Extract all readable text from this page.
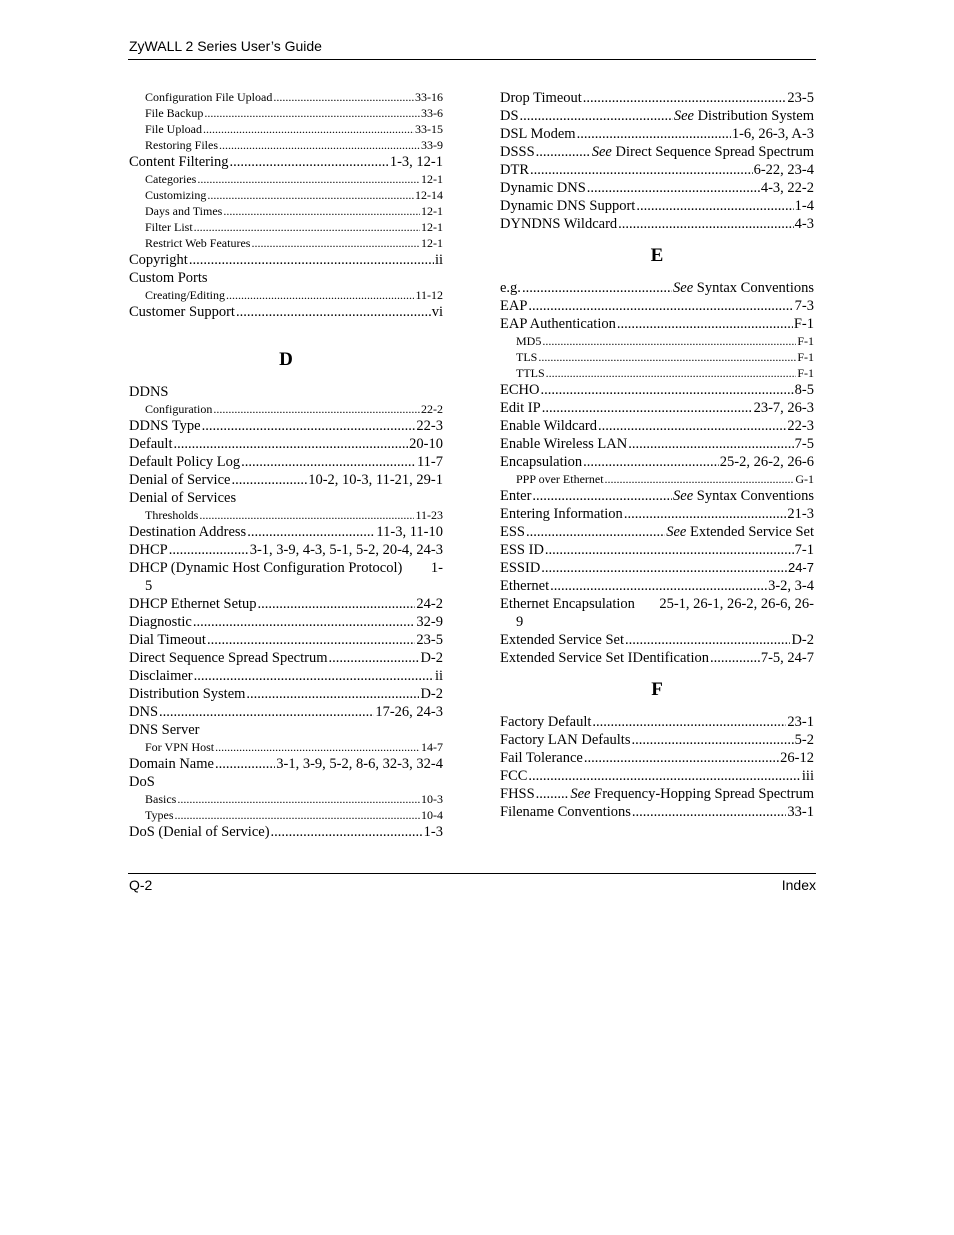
ZyWALL 2 Series User’s Guide
Configuration File Upload .....	33-16
File Backup .....	33-6
File Upload .....	33-15
Restoring Files .....	33-9
Content Filtering .....	1-3, 12-1
Categories .....	12-1
Customizing .....	12-14
Days and Times .....	12-1
Filter List .....	12-1
Restrict Web Features .....	12-1
Copyright .....	ii
Custom Ports
Creating/Editing .....	11-12
Customer Support .....	vi
D
DDNS
Configuration .....	22-2
DDNS Type .....	22-3
Default .....	20-10
Default Policy Log .....	11-7
Denial of Service .....	10-2, 10-3, 11-21, 29-1
Denial of Services
Thresholds .....	11-23
Destination Address .....	11-3, 11-10
DHCP .....	3-1, 3-9, 4-3, 5-1, 5-2, 20-4, 24-3
DHCP (Dynamic Host Configuration Protocol) 1-
5
DHCP Ethernet Setup .....	24-2
Diagnostic .....	32-9
Dial Timeout .....	23-5
Direct Sequence Spread Spectrum .....	D-2
Disclaimer .....	ii
Distribution System .....	D-2
DNS .....	17-26, 24-3
DNS Server
For VPN Host .....	14-7
Domain Name .....	3-1, 3-9, 5-2, 8-6, 32-3, 32-4
DoS
Basics .....	10-3
Types .....	10-4
DoS (Denial of Service) .....	1-3
Drop Timeout .....	23-5
DS .....	See Distribution System
DSL Modem .....	1-6, 26-3, A-3
DSSS .....	See Direct Sequence Spread Spectrum
DTR .....	6-22, 23-4
Dynamic DNS .....	4-3, 22-2
Dynamic DNS Support .....	1-4
DYNDNS Wildcard .....	4-3
E
e.g. .....	See Syntax Conventions
EAP .....	7-3
EAP Authentication .....	F-1
MD5 .....	F-1
TLS .....	F-1
TTLS .....	F-1
ECHO .....	8-5
Edit IP .....	23-7, 26-3
Enable Wildcard .....	22-3
Enable Wireless LAN .....	7-5
Encapsulation .....	25-2, 26-2, 26-6
PPP over Ethernet .....	G-1
Enter .....	See Syntax Conventions
Entering Information .....	21-3
ESS .....	See Extended Service Set
ESS ID .....	7-1
ESSID .....	24-7
Ethernet .....	3-2, 3-4
Ethernet Encapsulation 25-1, 26-1, 26-2, 26-6, 26-
9
Extended Service Set .....	D-2
Extended Service Set IDentification .....	7-5, 24-7
F
Factory Default .....	23-1
Factory LAN Defaults .....	5-2
Fail Tolerance .....	26-12
FCC .....	iii
FHSS ..... See Frequency-Hopping Spread Spectrum
Filename Conventions .....	33-1
Q-2	Index
